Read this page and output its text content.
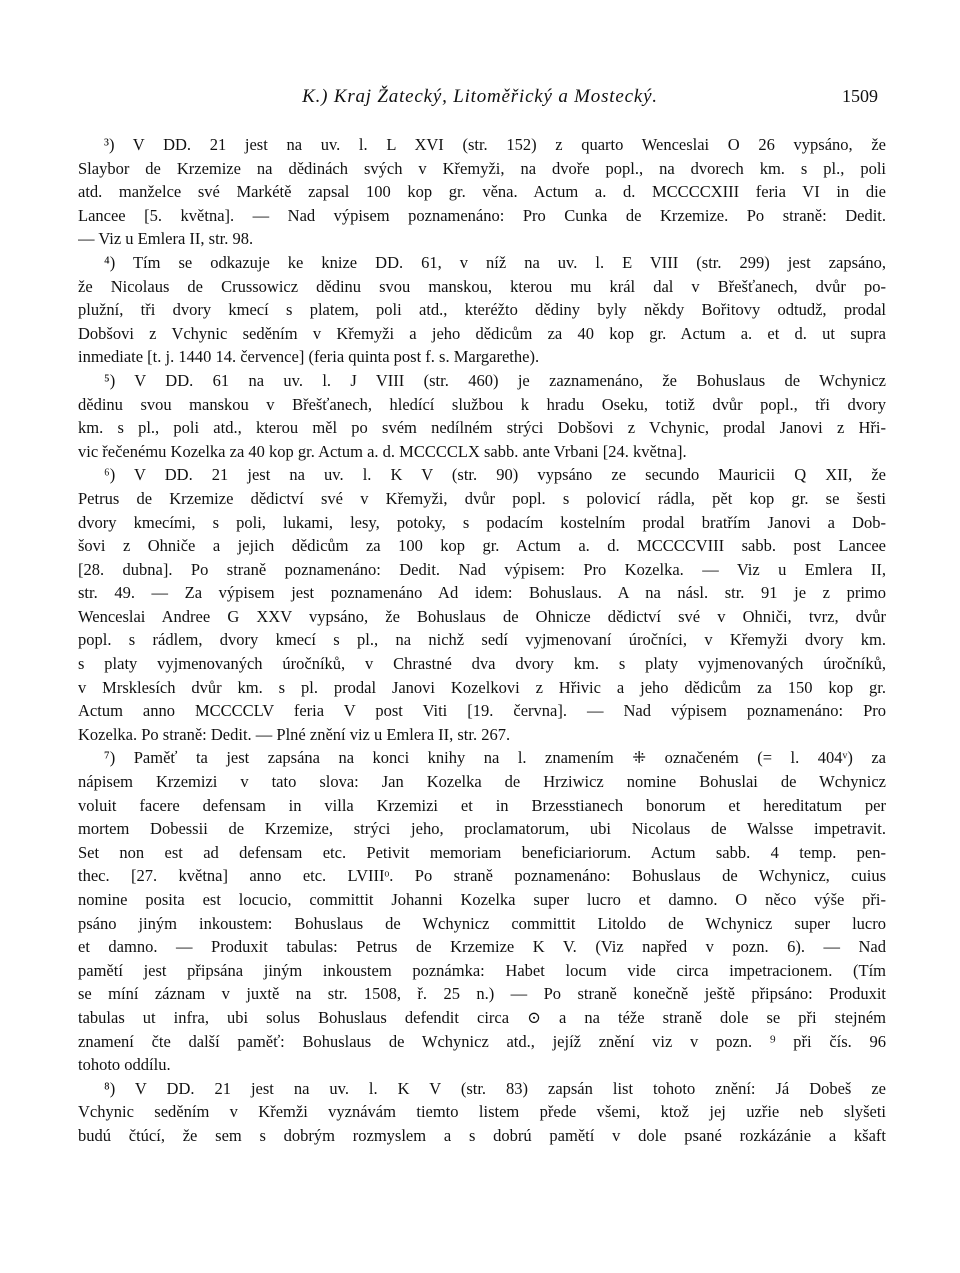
K.) Kraj Žatecký, Litoměřický a Mostecký.	1509
³) V DD. 21 jest na uv. l. L XVI (str. 152) z quarto Wenceslai O 26 vypsáno, že
Slaybor de Krzemize na dědinách svých v Křemyži, na dvoře popl., na dvorech km. s pl., poli
atd. manželce své Markétě zapsal 100 kop gr. věna. Actum a. d. MCCCCXIII feria VI in die
Lancee [5. května]. — Nad výpisem poznamenáno: Pro Cunka de Krzemize. Po straně: Dedit.
— Viz u Emlera II, str. 98.
⁴) Tím se odkazuje ke knize DD. 61, v níž na uv. l. E VIII (str. 299) jest zapsáno,
že Nicolaus de Crussowicz dědinu svou manskou, kterou mu král dal v Břešťanech, dvůr po-
plužní, tři dvory kmecí s platem, poli atd., kteréžto dědiny byly někdy Bořitovy odtudž, prodal
Dobšovi z Vchynic seděním v Křemyži a jeho dědicům za 40 kop gr. Actum a. et d. ut supra
inmediate [t. j. 1440 14. července] (feria quinta post f. s. Margarethe).
⁵) V DD. 61 na uv. l. J VIII (str. 460) je zaznamenáno, že Bohuslaus de Wchynicz
dědinu svou manskou v Břešťanech, hledící službou k hradu Oseku, totiž dvůr popl., tři dvory
km. s pl., poli atd., kterou měl po svém nedílném strýci Dobšovi z Vchynic, prodal Janovi z Hři-
vic řečenému Kozelka za 40 kop gr. Actum a. d. MCCCCLX sabb. ante Vrbani [24. května].
⁶) V DD. 21 jest na uv. l. K V (str. 90) vypsáno ze secundo Mauricii Q XII, že
Petrus de Krzemize dědictví své v Křemyži, dvůr popl. s polovicí rádla, pět kop gr. se šesti
dvory kmecími, s poli, lukami, lesy, potoky, s podacím kostelním prodal bratřím Janovi a Dob-
šovi z Ohniče a jejich dědicům za 100 kop gr. Actum a. d. MCCCCVIII sabb. post Lancee
[28. dubna]. Po straně poznamenáno: Dedit. Nad výpisem: Pro Kozelka. — Viz u Emlera II,
str. 49. — Za výpisem jest poznamenáno Ad idem: Bohuslaus. A na násl. str. 91 je z primo
Wenceslai Andree G XXV vypsáno, že Bohuslaus de Ohnicze dědictví své v Ohniči, tvrz, dvůr
popl. s rádlem, dvory kmecí s pl., na nichž sedí vyjmenovaní úročníci, v Křemyži dvory km.
s platy vyjmenovaných úročníků, v Chrastné dva dvory km. s platy vyjmenovaných úročníků,
v Mrsklesích dvůr km. s pl. prodal Janovi Kozelkovi z Hřivic a jeho dědicům za 150 kop gr.
Actum anno MCCCCLV feria V post Viti [19. června]. — Nad výpisem poznamenáno: Pro
Kozelka. Po straně: Dedit. — Plné znění viz u Emlera II, str. 267.
⁷) Paměť ta jest zapsána na konci knihy na l. znamením ⁜ označeném (= l. 404ᵛ) za
nápisem Krzemizi v tato slova: Jan Kozelka de Hrziwicz nomine Bohuslai de Wchynicz
voluit facere defensam in villa Krzemizi et in Brzesstianech bonorum et hereditatum per
mortem Dobessii de Krzemize, strýci jeho, proclamatorum, ubi Nicolaus de Walsse impetravit.
Set non est ad defensam etc. Petivit memoriam beneficiariorum. Actum sabb. 4 temp. pen-
thec. [27. května] anno etc. LVIIIᵒ. Po straně poznamenáno: Bohuslaus de Wchynicz, cuius
nomine posita est locucio, committit Johanni Kozelka super lucro et damno. O něco výše při-
psáno jiným inkoustem: Bohuslaus de Wchynicz committit Litoldo de Wchynicz super lucro
et damno. — Produxit tabulas: Petrus de Krzemize K V. (Viz napřed v pozn. 6). — Nad
pamětí jest připsána jiným inkoustem poznámka: Habet locum vide circa impetracionem. (Tím
se míní záznam v juxtě na str. 1508, ř. 25 n.) — Po straně konečně ještě připsáno: Produxit
tabulas ut infra, ubi solus Bohuslaus defendit circa ⊙ a na téže straně dole se při stejném
znamení čte další paměť: Bohuslaus de Wchynicz atd., jejíž znění viz v pozn. ⁹ při čís. 96
tohoto oddílu.
⁸) V DD. 21 jest na uv. l. K V (str. 83) zapsán list tohoto znění: Já Dobeš ze
Vchynic seděním v Křemži vyznávám tiemto listem přede všemi, ktož jej uzřie neb slyšeti
budú čtúcí, že sem s dobrým rozmyslem a s dobrú pamětí v dole psané rozkázánie a kšaft
